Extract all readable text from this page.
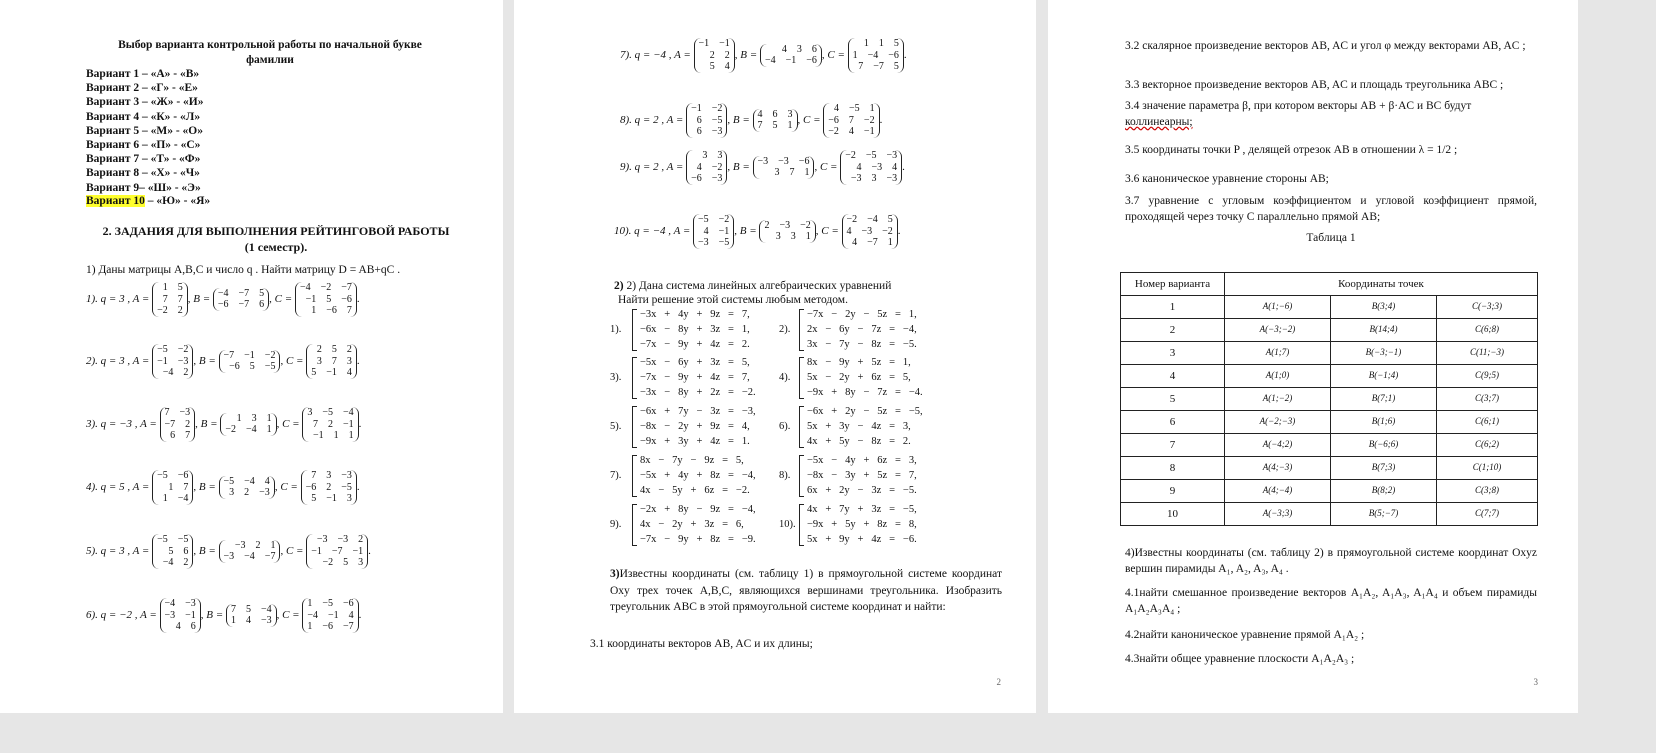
Выбор варианта контрольной работы по начальной букве фамилии
Вариант 1 – «А» - «В»
Вариант 2 – «Г» - «Е»
Вариант 3 – «Ж» - «И»
Вариант 4 – «К» - «Л»
Вариант 5 – «М» - «О»
Вариант 6 – «П» - «С»
Вариант 7 – «Т» - «Ф»
Вариант 8 – «Х» - «Ч»
Вариант 9– «Ш» - «Э»
Вариант 10 – «Ю» - «Я»
2. ЗАДАНИЯ ДЛЯ ВЫПОЛНЕНИЯ РЕЙТИНГОВОЙ РАБОТЫ
(1 семестр).
1) Даны матрицы A,B,C и число q . Найти матрицу D = AB+qC .
1). q = 3 , A =
1 5
7 7
−2 2
, B = −4 −7 5
−6 −7 6 , C =
−4 −2 −7
−1 5 −6
1 −6 7
.
2). q = 3 , A =
−5 −2
−1 −3
−4 2
, B = −7 −1 −2
−6 5 −5 , C =
2 5 2
3 7 3
5 −1 4
.
3). q = −3 , A =
7 −3
−7 2
6 7
, B =	1 3 1
−2 −4 1 , C =
3 −5 −4
7 2 −1
−1 1 1
.
4). q = 5 , A =
−5 −6
1 7
1 −4
, B = −5 −4 4
3 2 −3 , C =
7 3 −3
−6 2 −5
5 −1 3
.
5). q = 3 , A =
−5 −5
5 6
−4 2
, B =	−3 2 1
−3 −4 −7 , C =
−3 −3 2
−1 −7 −1
−2 5 3
.
6). q = −2 , A =
−4 −3
−3 −1
4 6
, B = 7 5 −4
1 4 −3 , C =
1 −5 −6
−4 −1 4
1 −6 −7
.
7). q = −4 , A =
−1 −1
2 2
5 4
, B =	4 3 6
−4 −1 −6 , C =
1 1 5
1 −4 −6
7 −7 5
.
8). q = 2 , A =
−1 −2
6 −5
6 −3
, B = 4 6 3
7 5 1 , C =
4 −5 1
−6 7 −2
−2 4 −1
.
9). q = 2 , A =
3 3
4 −2
−6 −3
, B = −3 −3 −6
3 7 1 , C =
−2 −5 −3
4 −3 4
−3 3 −3
.
10). q = −4 , A =
−5 −2
4 −1
−3 −5
, B = 2 −3 −2
3 3 1 , C =
−2 −4 5
4 −3 −2
4 −7 1
.
2) 2) Дана система линейных алгебраических уравнений
Найти решение этой системы любым методом.
1).
−3x   +   4y   +   9z   =   7,
−6x   −   8y   +   3z   =   1,
−7x   −   9y   +   4z   =   2.
2).
−7x   −   2y   −   5z   =   1,
2x   −   6y   −   7z   =   −4,
3x   −   7y   −   8z   =   −5.
3).
−5x   −   6y   +   3z   =   5,
−7x   −   9y   +   4z   =   7,
−3x   −   8y   +   2z   =   −2.
4).
8x   −   9y   +   5z   =   1,
5x   −   2y   +   6z   =   5,
−9x   +   8y   −   7z   =   −4.
5).
−6x   +   7y   −   3z   =   −3,
−8x   −   2y   +   9z   =   4,
−9x   +   3y   +   4z   =   1.
6).
−6x   +   2y   −   5z   =   −5,
5x   +   3y   −   4z   =   3,
4x   +   5y   −   8z   =   2.
7).
8x   −   7y   −   9z   =   5,
−5x   +   4y   +   8z   =   −4,
4x   −   5y   +   6z   =   −2.
8).
−5x   −   4y   +   6z   =   3,
−8x   −   3y   +   5z   =   7,
6x   +   2y   −   3z   =   −5.
9).
−2x   +   8y   −   9z   =   −4,
4x   −   2y   +   3z   =   6,
−7x   −   9y   +   8z   =   −9.
10).
4x   +   7y   +   3z   =   −5,
−9x   +   5y   +   8z   =   8,
5x   +   9y   +   4z   =   −6.
3)Известны координаты (см. таблицу 1) в прямоугольной системе координат Oxy трех точек A,B,C, являющихся вершинами треугольника. Изобразить треугольник ABC в этой прямоугольной системе координат и найти:
3.1 координаты векторов AB, AC и их длины;
2
3.2 скалярное произведение векторов AB, AC и угол φ между векторами AB, AC ;
3.3 векторное произведение векторов AB, AC и площадь треугольника ABC ;
3.4 значение параметра β, при котором векторы AB + β·AC и BC будут
коллинеарны;
3.5 координаты точки P , делящей отрезок AB в отношении λ = 1/2 ;
3.6 каноническое уравнение стороны AB;
3.7 уравнение с угловым коэффициентом и угловой коэффициент прямой, проходящей через точку C параллельно прямой AB;
Таблица 1
Номер варианта	Координаты точек		
1	A(1;−6)	B(3;4)	C(−3;3)
2	A(−3;−2)	B(14;4)	C(6;8)
3	A(1;7)	B(−3;−1)	C(11;−3)
4	A(1;0)	B(−1;4)	C(9;5)
5	A(1;−2)	B(7;1)	C(3;7)
6	A(−2;−3)	B(1;6)	C(6;1)
7	A(−4;2)	B(−6;6)	C(6;2)
8	A(4;−3)	B(7;3)	C(1;10)
9	A(4;−4)	B(8;2)	C(3;8)
10	A(−3;3)	B(5;−7)	C(7;7)
4)Известны координаты (см. таблицу 2) в прямоугольной системе координат Oxyz вершин пирамиды A₁, A₂, A₃, A₄ .
4.1найти смешанное произведение векторов A₁A₂, A₁A₃, A₁A₄ и объем пирамиды A₁A₂A₃A₄ ;
4.2найти каноническое уравнение прямой A₁A₂ ;
4.3найти общее уравнение плоскости A₁A₂A₃ ;
3
